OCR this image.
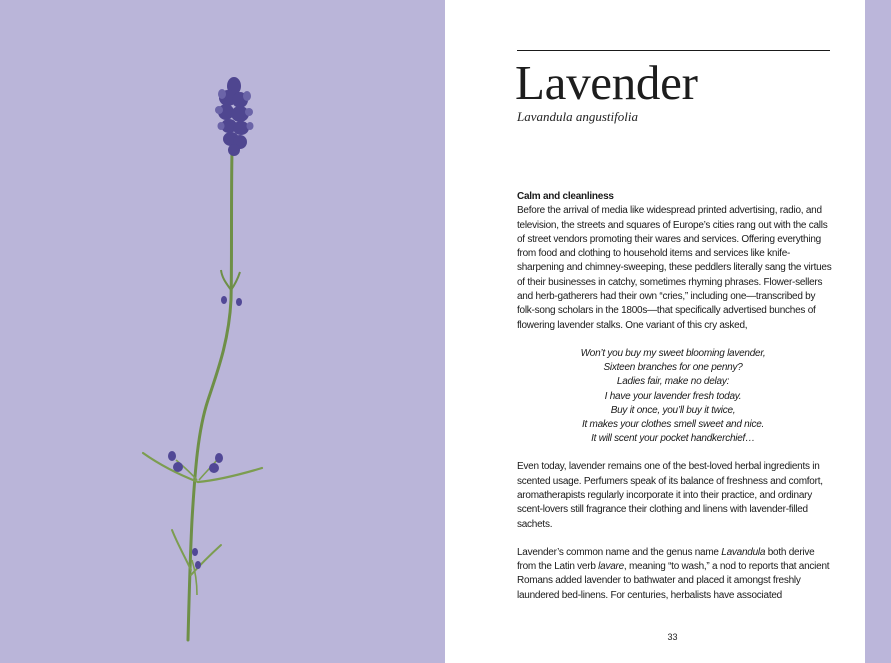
Lavender
Lavandula angustifolia

Calm and cleanliness

Before the arrival of media like widespread printed advertising, radio, and television, the streets and squares of Europe’s cities rang out with the calls of street vendors promoting their wares and services. Offering everything from food and clothing to household items and services like knife-sharpening and chimney-sweeping, these peddlers literally sang the virtues of their businesses in catchy, sometimes rhyming phrases. Flower-sellers and herb-gatherers had their own “cries,” including one—transcribed by folk-song scholars in the 1800s—that specifically advertised bunches of flowering lavender stalks. One variant of this cry asked,

Won’t you buy my sweet blooming lavender,
Sixteen branches for one penny?
Ladies fair, make no delay:
I have your lavender fresh today.
Buy it once, you’ll buy it twice,
It makes your clothes smell sweet and nice.
It will scent your pocket handkerchief…

Even today, lavender remains one of the best-loved herbal ingredients in scented usage. Perfumers speak of its balance of freshness and comfort, aromatherapists regularly incorporate it into their practice, and ordinary scent-lovers still fragrance their clothing and linens with lavender-filled sachets.

Lavender’s common name and the genus name Lavandula both derive from the Latin verb lavare, meaning “to wash,” a nod to reports that ancient Romans added lavender to bathwater and placed it amongst freshly laundered bed-linens. For centuries, herbalists have associated

33
